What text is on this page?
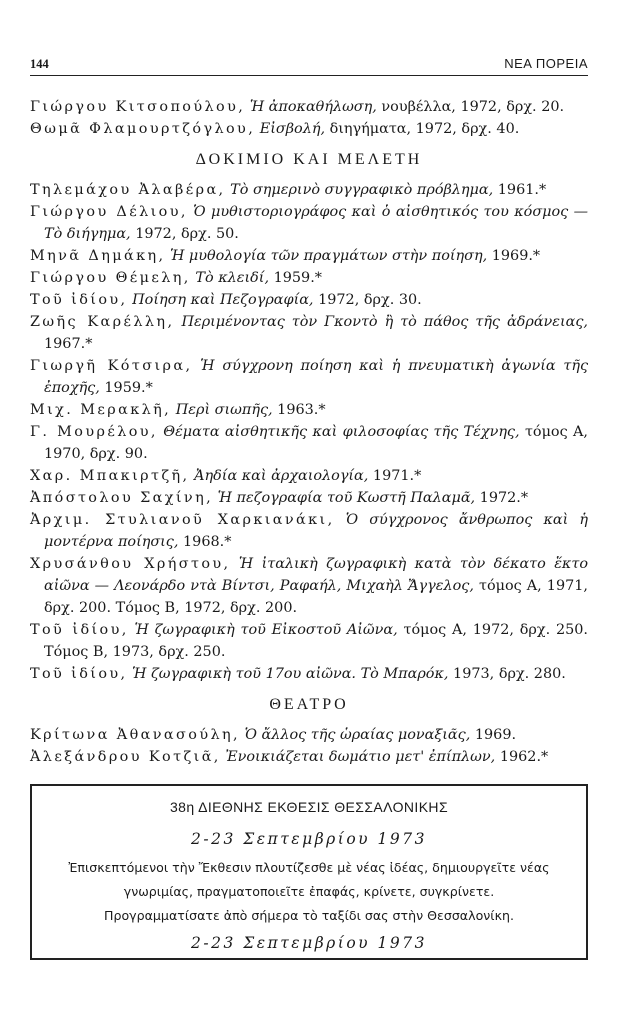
144	ΝΕΑ ΠΟΡΕΙΑ

Γιώργου Κιτσοπούλου, Ἡ ἀποκαθήλωση, νουβέλλα, 1972, δρχ. 20.

Θωμᾶ Φλαμουρτζόγλου, Εἰσβολή, διηγήματα, 1972, δρχ. 40.

ΔΟΚΙΜΙΟ ΚΑΙ ΜΕΛΕΤΗ

Τηλεμάχου Ἀλαβέρα, Τὸ σημερινὸ συγγραφικὸ πρόβλημα, 1961.*

Γιώργου Δέλιου, Ὁ μυθιστοριογράφος καὶ ὁ αἰσθητικός του κόσμος — Τὸ διήγημα, 1972, δρχ. 50.

Μηνᾶ Δημάκη, Ἡ μυθολογία τῶν πραγμάτων στὴν ποίηση, 1969.*

Γιώργου Θέμελη, Τὸ κλειδί, 1959.*

Τοῦ ἰδίου, Ποίηση καὶ Πεζογραφία, 1972, δρχ. 30.

Ζωῆς Καρέλλη, Περιμένοντας τὸν Γκοντὸ ἢ τὸ πάθος τῆς ἀδράνειας, 1967.*

Γιωργῆ Κότσιρα, Ἡ σύγχρονη ποίηση καὶ ἡ πνευματικὴ ἀγωνία τῆς ἐποχῆς, 1959.*

Μιχ. Μερακλῆ, Περὶ σιωπῆς, 1963.*

Γ. Μουρέλου, Θέματα αἰσθητικῆς καὶ φιλοσοφίας τῆς Τέχνης, τόμος Α, 1970, δρχ. 90.

Χαρ. Μπακιρτζῆ, Ἀηδία καὶ ἀρχαιολογία, 1971.*

Ἀπόστολου Σαχίνη, Ἡ πεζογραφία τοῦ Κωστῆ Παλαμᾶ, 1972.*

Ἀρχιμ. Στυλιανοῦ Χαρκιανάκι, Ὁ σύγχρονος ἄνθρωπος καὶ ἡ μοντέρνα ποίησις, 1968.*

Χρυσάνθου Χρήστου, Ἡ ἰταλικὴ ζωγραφικὴ κατὰ τὸν δέκατο ἕκτο αἰῶνα — Λεονάρδο ντὰ Βίντσι, Ραφαήλ, Μιχαὴλ Ἄγγελος, τόμος Α, 1971, δρχ. 200. Τόμος Β, 1972, δρχ. 200.

Τοῦ ἰδίου, Ἡ ζωγραφικὴ τοῦ Εἰκοστοῦ Αἰῶνα, τόμος Α, 1972, δρχ. 250. Τόμος Β, 1973, δρχ. 250.

Τοῦ ἰδίου, Ἡ ζωγραφικὴ τοῦ 17ου αἰῶνα. Τὸ Μπαρόκ, 1973, δρχ. 280.

ΘΕΑΤΡΟ

Κρίτωνα Ἀθανασούλη, Ὁ ἄλλος τῆς ὡραίας μοναξιᾶς, 1969.

Ἀλεξάνδρου Κοτζιᾶ, Ἐνοικιάζεται δωμάτιο μετ' ἐπίπλων, 1962.*

38η ΔΙΕΘΝΗΣ ΕΚΘΕΣΙΣ ΘΕΣΣΑΛΟΝΙΚΗΣ
2-23 Σεπτεμβρίου 1973
Ἐπισκεπτόμενοι τὴν Ἔκθεσιν πλουτίζεσθε μὲ νέας ἰδέας, δημιουργεῖτε νέας γνωριμίας, πραγματοποιεῖτε ἐπαφάς, κρίνετε, συγκρίνετε.
Προγραμματίσατε ἀπὸ σήμερα τὸ ταξίδι σας στὴν Θεσσαλονίκη.
2-23 Σεπτεμβρίου 1973
